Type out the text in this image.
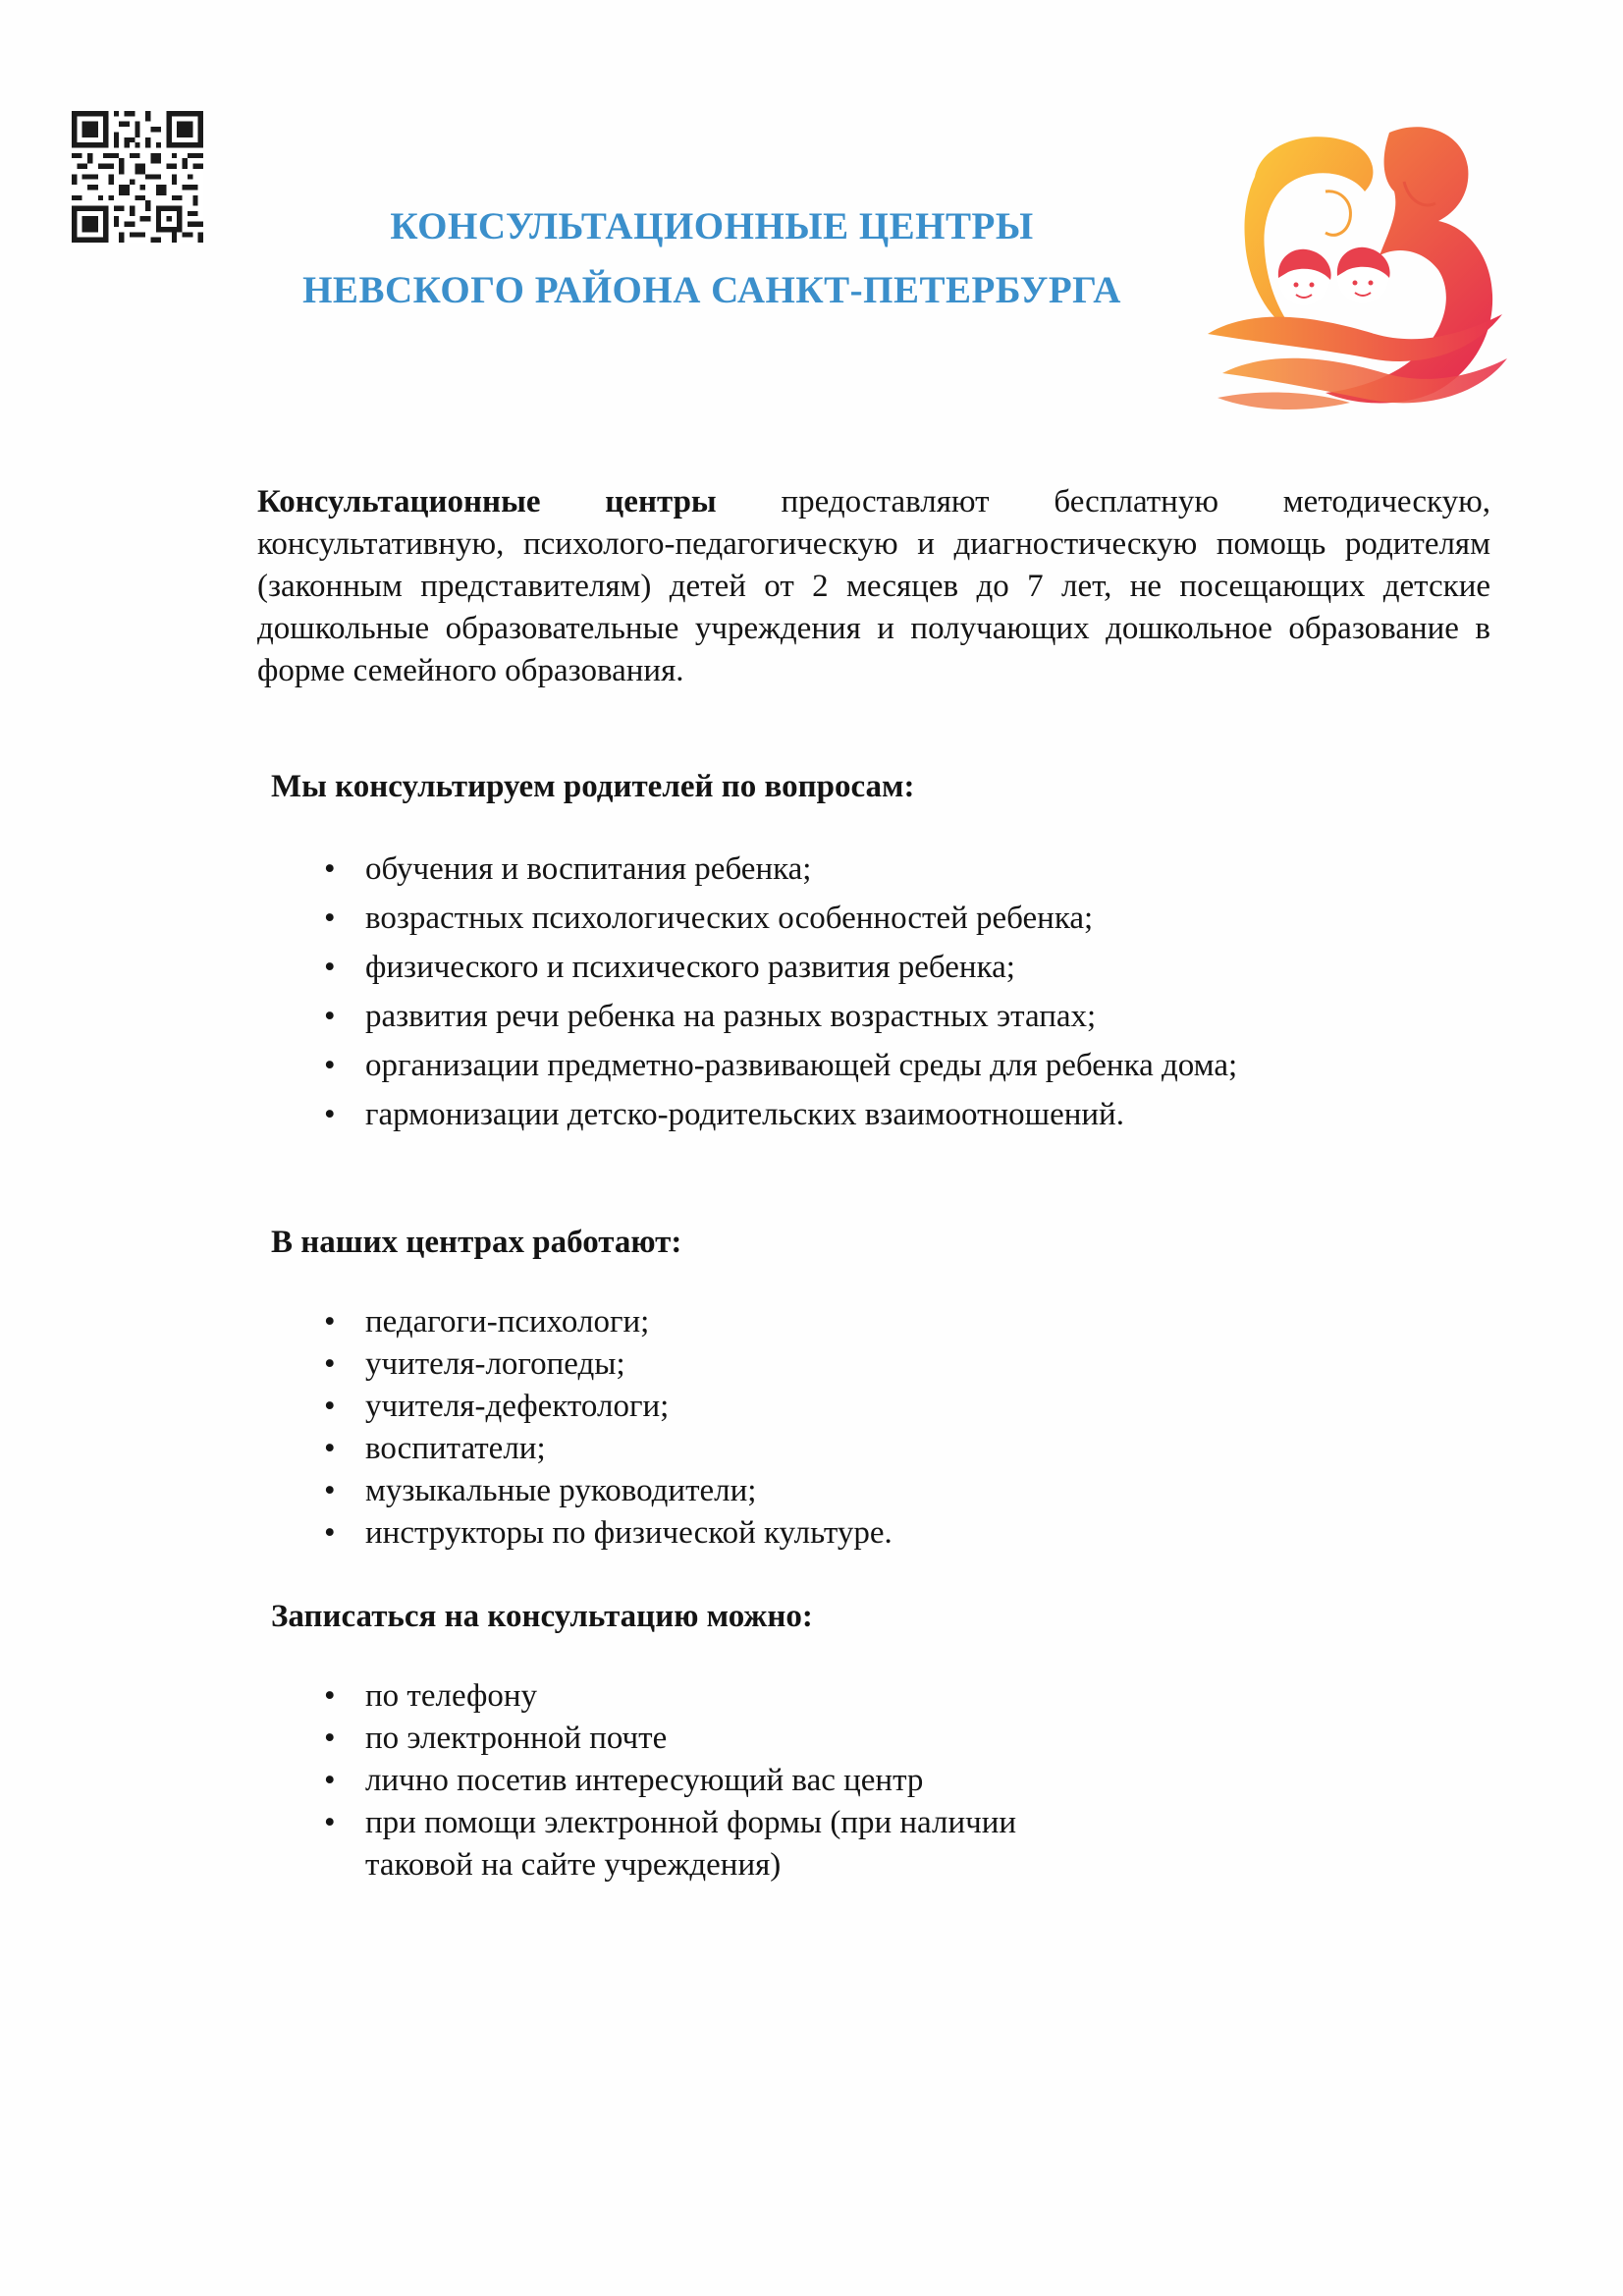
КОНСУЛЬТАЦИОННЫЕ ЦЕНТРЫ
НЕВСКОГО РАЙОНА САНКТ-ПЕТЕРБУРГА
Консультационные центры предоставляют бесплатную методическую, консультативную, психолого-педагогическую и диагностическую помощь родителям (законным представителям) детей от 2 месяцев до 7 лет, не посещающих детские дошкольные образовательные учреждения и получающих дошкольное образование в форме семейного образования.
Мы консультируем родителей по вопросам:
• обучения и воспитания ребенка;
• возрастных психологических особенностей ребенка;
• физического и психического развития ребенка;
• развития речи ребенка на разных возрастных этапах;
• организации предметно-развивающей среды для ребенка дома;
• гармонизации детско-родительских взаимоотношений.
В наших центрах работают:
• педагоги-психологи;
• учителя-логопеды;
• учителя-дефектологи;
• воспитатели;
• музыкальные руководители;
• инструкторы по физической культуре.
Записаться на консультацию можно:
• по телефону
• по электронной почте
• лично посетив интересующий вас центр
• при помощи электронной формы (при наличии таковой на сайте учреждения)
